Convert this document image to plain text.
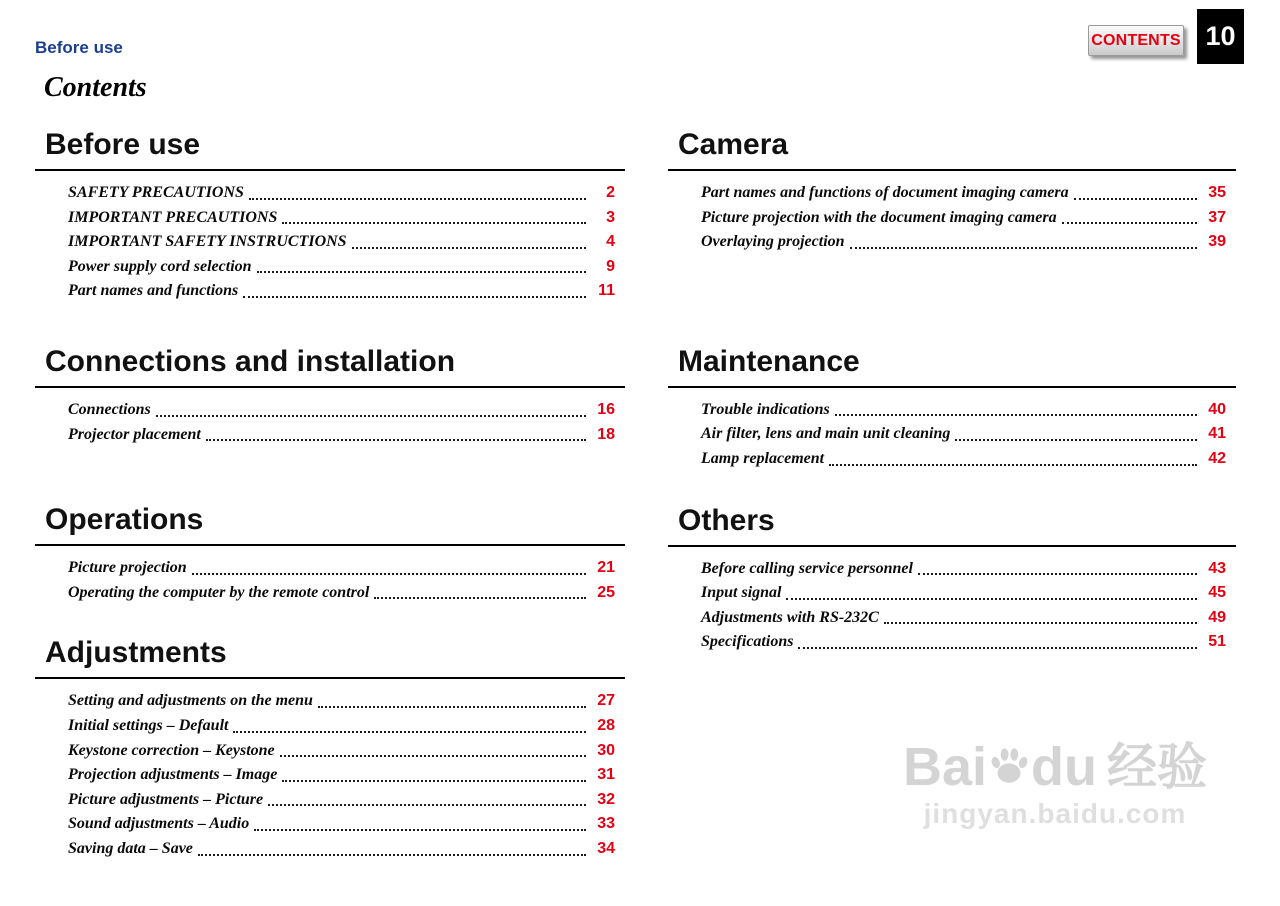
Before use	CONTENTS 10
Contents
Before use
SAFETY PRECAUTIONS	2
IMPORTANT PRECAUTIONS	3
IMPORTANT SAFETY INSTRUCTIONS	4
Power supply cord selection	9
Part names and functions	11
Connections and installation
Connections	16
Projector placement	18
Operations
Picture projection	21
Operating the computer by the remote control	25
Adjustments
Setting and adjustments on the menu	27
Initial settings – Default	28
Keystone correction – Keystone	30
Projection adjustments – Image	31
Picture adjustments – Picture	32
Sound adjustments – Audio	33
Saving data – Save	34
Camera
Part names and functions of document imaging camera	35
Picture projection with the document imaging camera	37
Overlaying projection	39
Maintenance
Trouble indications	40
Air filter, lens and main unit cleaning	41
Lamp replacement	42
Others
Before calling service personnel	43
Input signal	45
Adjustments with RS-232C	49
Specifications	51
Bai du 经验
jingyan.baidu.com
